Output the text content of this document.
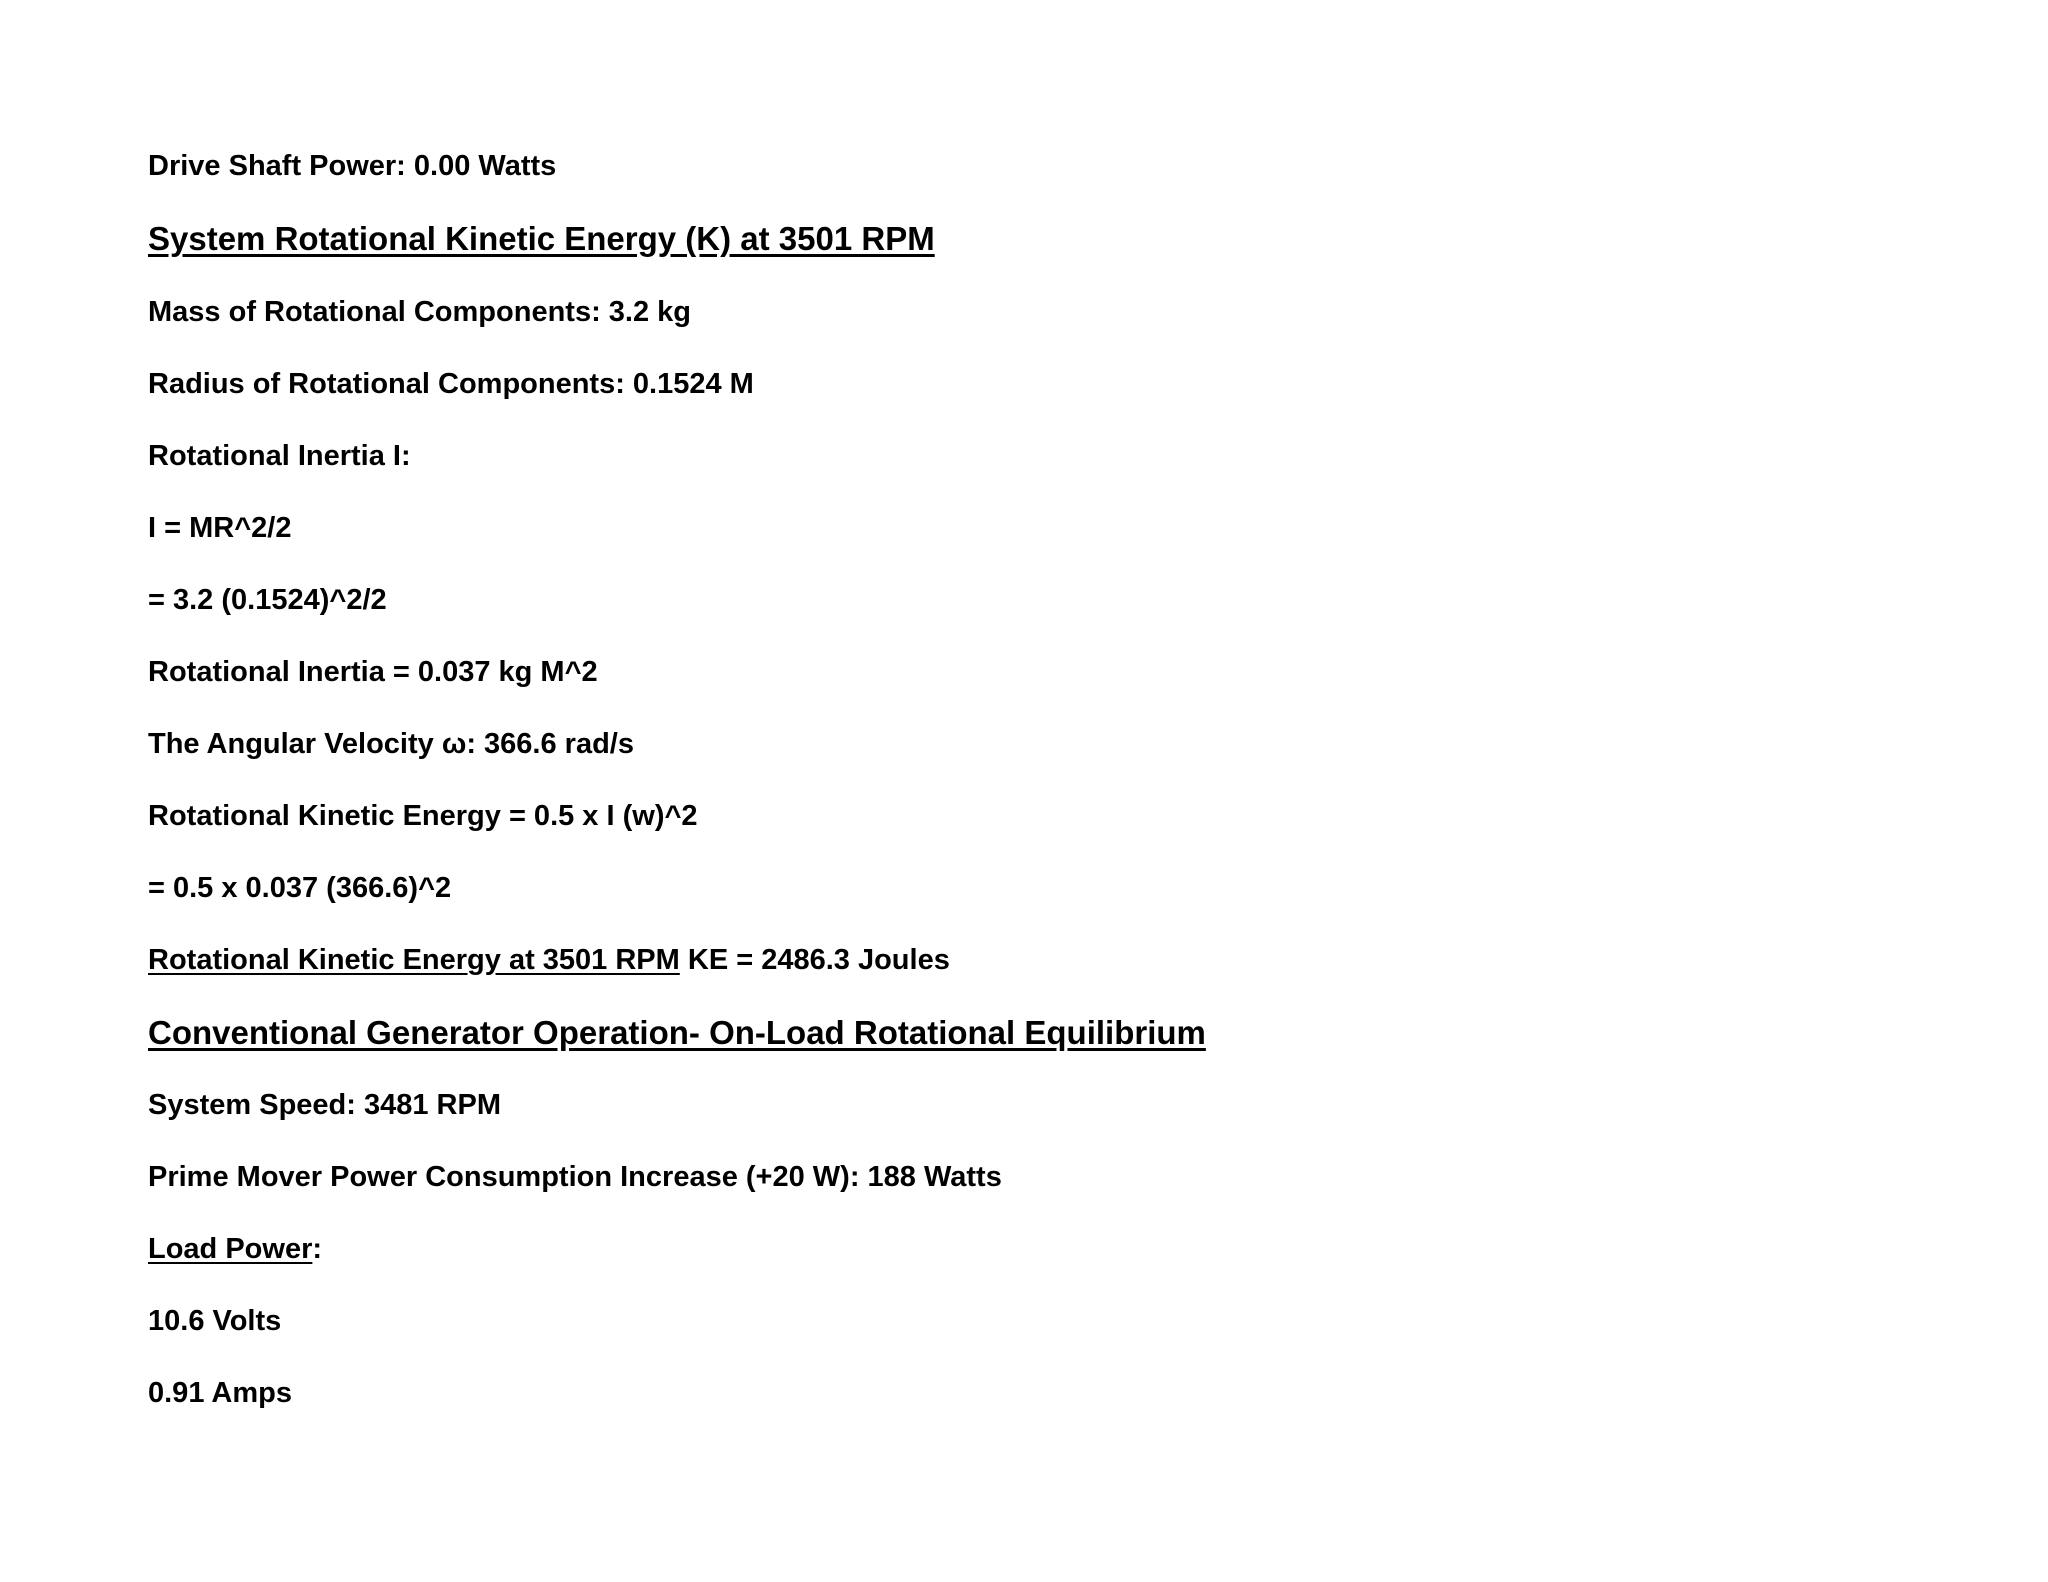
Drive Shaft Power: 0.00 Watts
System Rotational Kinetic Energy (K) at 3501 RPM
Mass of Rotational Components: 3.2 kg
Radius of Rotational Components: 0.1524 M
Rotational Inertia I:
I = MR^2/2
= 3.2 (0.1524)^2/2
Rotational Inertia = 0.037 kg M^2
The Angular Velocity ω: 366.6 rad/s
Rotational Kinetic Energy = 0.5 x I (w)^2
= 0.5 x 0.037 (366.6)^2
Rotational Kinetic Energy at 3501 RPM KE = 2486.3 Joules
Conventional Generator Operation- On-Load Rotational Equilibrium
System Speed: 3481 RPM
Prime Mover Power Consumption Increase (+20 W): 188 Watts
Load Power:
10.6 Volts
0.91 Amps
